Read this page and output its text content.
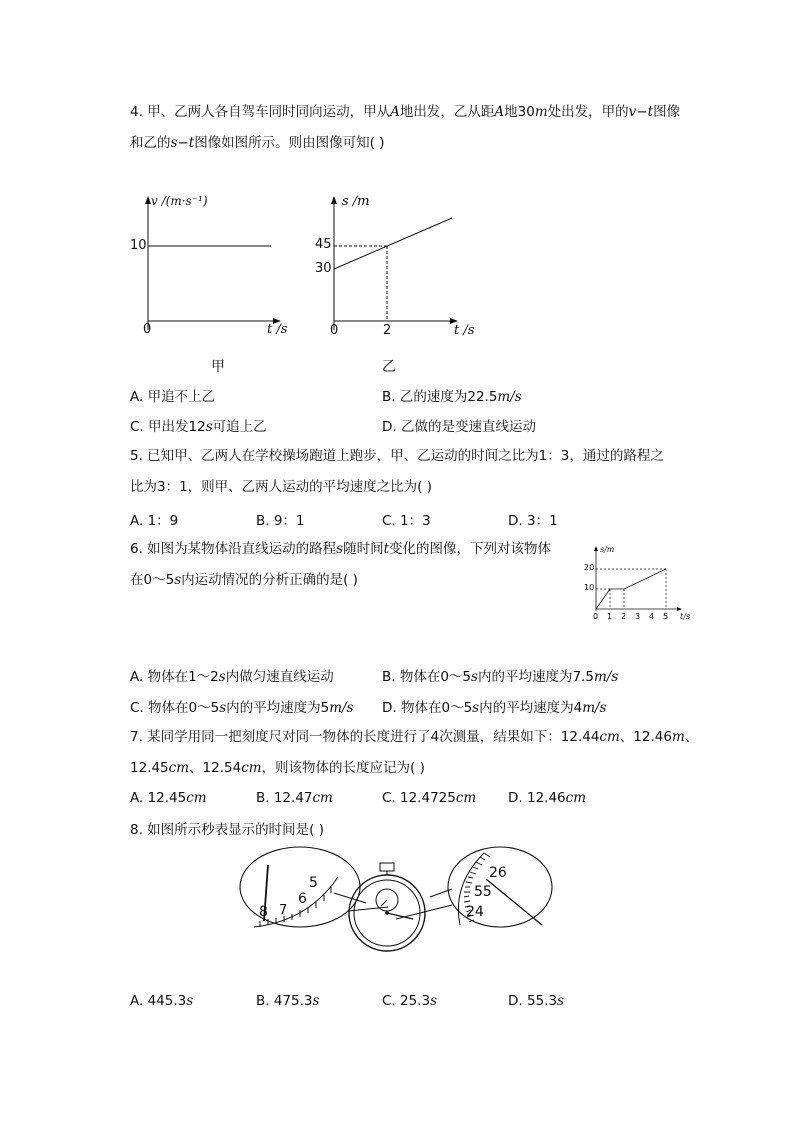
4. 甲、乙两人各自驾车同时同向运动，甲从A地出发，乙从距A地30m处出发，甲的v−t图像
和乙的s−t图像如图所示。则由图像可知( )
v /(m·s⁻¹)
10
0	t /s
甲
s /m
45
30
0	2	t /s
乙
A. 甲追不上乙	B. 乙的速度为22.5m/s
C. 甲出发12s可追上乙	D. 乙做的是变速直线运动
5. 已知甲、乙两人在学校操场跑道上跑步，甲、乙运动的时间之比为1：3，通过的路程之
比为3：1，则甲、乙两人运动的平均速度之比为( )
A. 1：9	B. 9：1	C. 1：3	D. 3：1
6. 如图为某物体沿直线运动的路程s随时间t变化的图像，下列对该物体
在0～5s内运动情况的分析正确的是( )
s/m
20
10
0 1 2 3 4 5 t/s
A. 物体在1～2s内做匀速直线运动	B. 物体在0～5s内的平均速度为7.5m/s
C. 物体在0～5s内的平均速度为5m/s D. 物体在0～5s内的平均速度为4m/s
7. 某同学用同一把刻度尺对同一物体的长度进行了4次测量，结果如下：12.44cm、12.46m、
12.45cm、12.54cm，则该物体的长度应记为( )
A. 12.45cm	B. 12.47cm	C. 12.4725cm D. 12.46cm
8. 如图所示秒表显示的时间是( )
5
6
7
8
26
55
24
A. 445.3s	B. 475.3s	C. 25.3s	D. 55.3s
